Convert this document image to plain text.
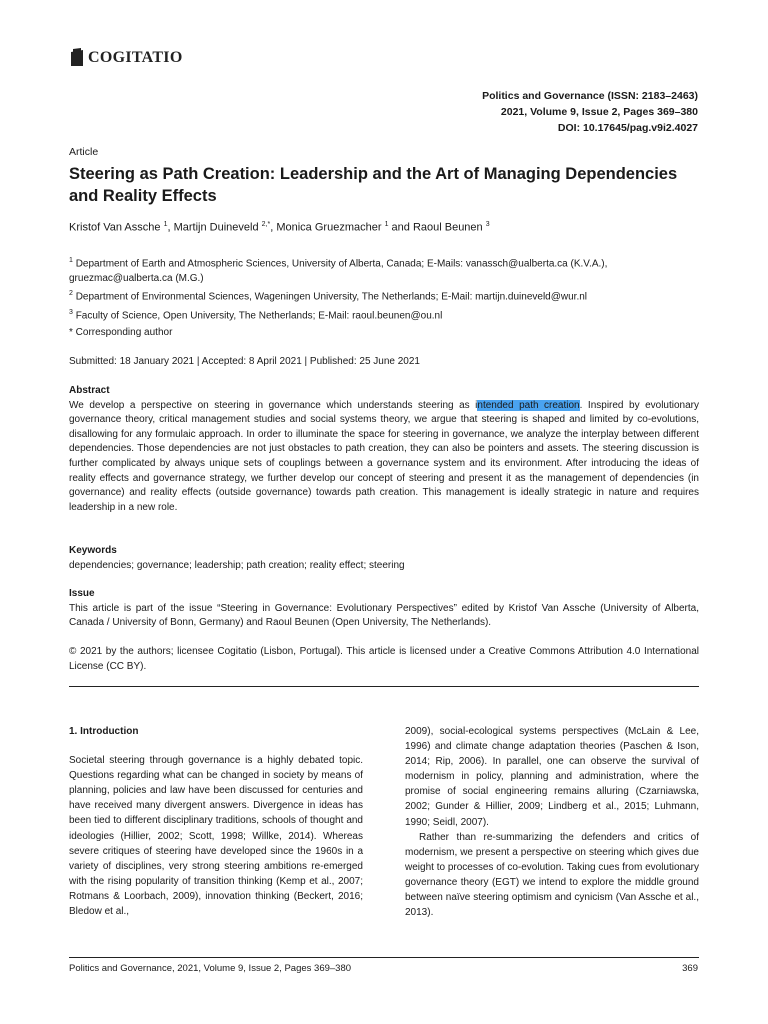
COGITATIO
Politics and Governance (ISSN: 2183–2463)
2021, Volume 9, Issue 2, Pages 369–380
DOI: 10.17645/pag.v9i2.4027
Article
Steering as Path Creation: Leadership and the Art of Managing Dependencies and Reality Effects
Kristof Van Assche $^1$, Martijn Duineveld $^{2,*}$, Monica Gruezmacher $^1$ and Raoul Beunen $^3$
$^1$ Department of Earth and Atmospheric Sciences, University of Alberta, Canada; E-Mails: vanassch@ualberta.ca (K.V.A.), gruezmac@ualberta.ca (M.G.)
$^2$ Department of Environmental Sciences, Wageningen University, The Netherlands; E-Mail: martijn.duineveld@wur.nl
$^3$ Faculty of Science, Open University, The Netherlands; E-Mail: raoul.beunen@ou.nl
* Corresponding author
Submitted: 18 January 2021 | Accepted: 8 April 2021 | Published: 25 June 2021
Abstract

We develop a perspective on steering in governance which understands steering as intended path creation. Inspired by evolutionary governance theory, critical management studies and social systems theory, we argue that steering is shaped and limited by co-evolutions, disallowing for any formulaic approach. In order to illuminate the space for steering in governance, we analyze the interplay between different dependencies. Those dependencies are not just obstacles to path creation, they can also be pointers and assets. The steering discussion is further complicated by always unique sets of couplings between a governance system and its environment. After introducing the ideas of reality effects and governance strategy, we further develop our concept of steering and present it as the management of dependencies (in governance) and reality effects (outside governance) towards path creation. This management is ideally strategic in nature and requires leadership in a new role.

Keywords

dependencies; governance; leadership; path creation; reality effect; steering

Issue

This article is part of the issue “Steering in Governance: Evolutionary Perspectives” edited by Kristof Van Assche (University of Alberta, Canada / University of Bonn, Germany) and Raoul Beunen (Open University, The Netherlands).

© 2021 by the authors; licensee Cogitatio (Lisbon, Portugal). This article is licensed under a Creative Commons Attribution 4.0 International License (CC BY).

1. Introduction

Societal steering through governance is a highly debated topic. Questions regarding what can be changed in society by means of planning, policies and law have been discussed for centuries and have received many divergent answers. Divergence in ideas has been tied to different disciplinary traditions, schools of thought and ideologies (Hillier, 2002; Scott, 1998; Willke, 2014). Whereas severe critiques of steering have developed since the 1960s in a variety of disciplines, very strong steering ambitions re-emerged with the rising popularity of transition thinking (Kemp et al., 2007; Rotmans & Loorbach, 2009), innovation thinking (Beckert, 2016; Bledow et al.,

2009), social-ecological systems perspectives (McLain & Lee, 1996) and climate change adaptation theories (Paschen & Ison, 2014; Rip, 2006). In parallel, one can observe the survival of modernism in policy, planning and administration, where the promise of social engineering remains alluring (Czarniawska, 2002; Gunder & Hillier, 2009; Lindberg et al., 2015; Luhmann, 1990; Seidl, 2007).

Rather than re-summarizing the defenders and critics of modernism, we present a perspective on steering which gives due weight to processes of co-evolution. Taking cues from evolutionary governance theory (EGT) we intend to explore the middle ground between naïve steering optimism and cynicism (Van Assche et al., 2013).

Politics and Governance, 2021, Volume 9, Issue 2, Pages 369–380	369
